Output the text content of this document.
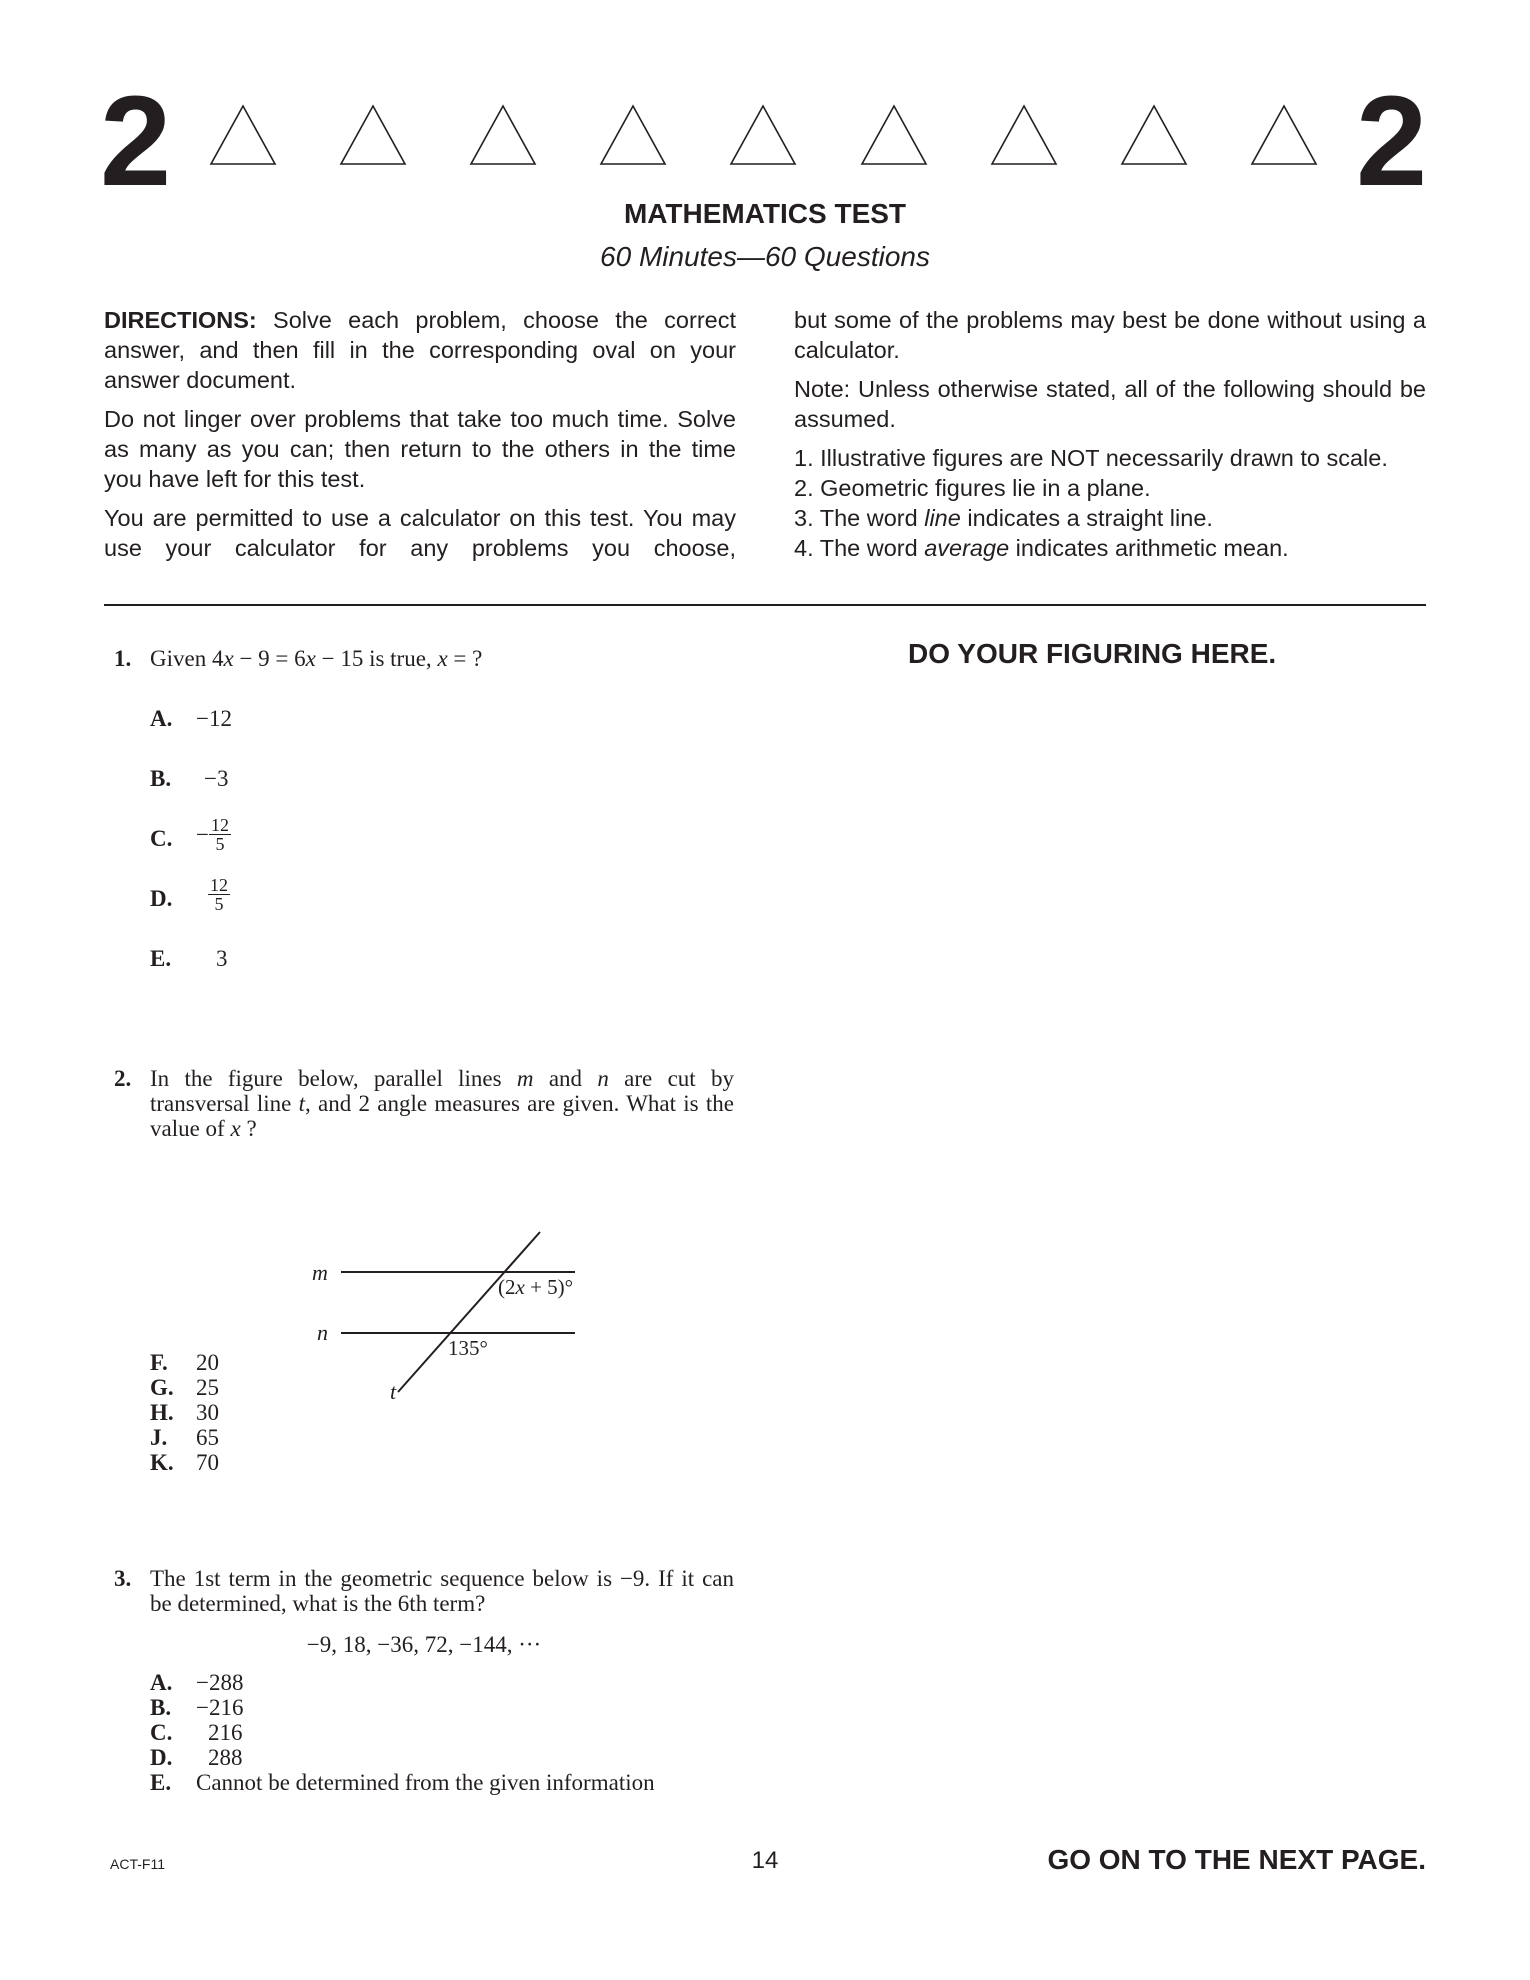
2	2
MATHEMATICS TEST
60 Minutes—60 Questions

DIRECTIONS: Solve each problem, choose the correct answer, and then fill in the corresponding oval on your answer document.

Do not linger over problems that take too much time. Solve as many as you can; then return to the others in the time you have left for this test.

You are permitted to use a calculator on this test. You may use your calculator for any problems you choose,

but some of the problems may best be done without using a calculator.

Note: Unless otherwise stated, all of the following should be assumed.

1. Illustrative figures are NOT necessarily drawn to scale.
2. Geometric figures lie in a plane.
3. The word line indicates a straight line.
4. The word average indicates arithmetic mean.
DO YOUR FIGURING HERE.
1. Given 4x − 9 = 6x − 15 is true, x = ?
A. −12
B. −3
C. − $\frac{12}{5}$
D. $\frac{12}{5}$
E. 3
2. In the figure below, parallel lines m and n are cut by transversal line t, and 2 angle measures are given. What is the value of x ?
m
n
t
(2x + 5)°
135°
F. 20
G. 25
H. 30
J. 65
K. 70
3. The 1st term in the geometric sequence below is −9. If it can be determined, what is the 6th term?
−9, 18, −36, 72, −144, ···
A. −288
B. −216
C. 216
D. 288
E. Cannot be determined from the given information
ACT-F11	14	GO ON TO THE NEXT PAGE.
